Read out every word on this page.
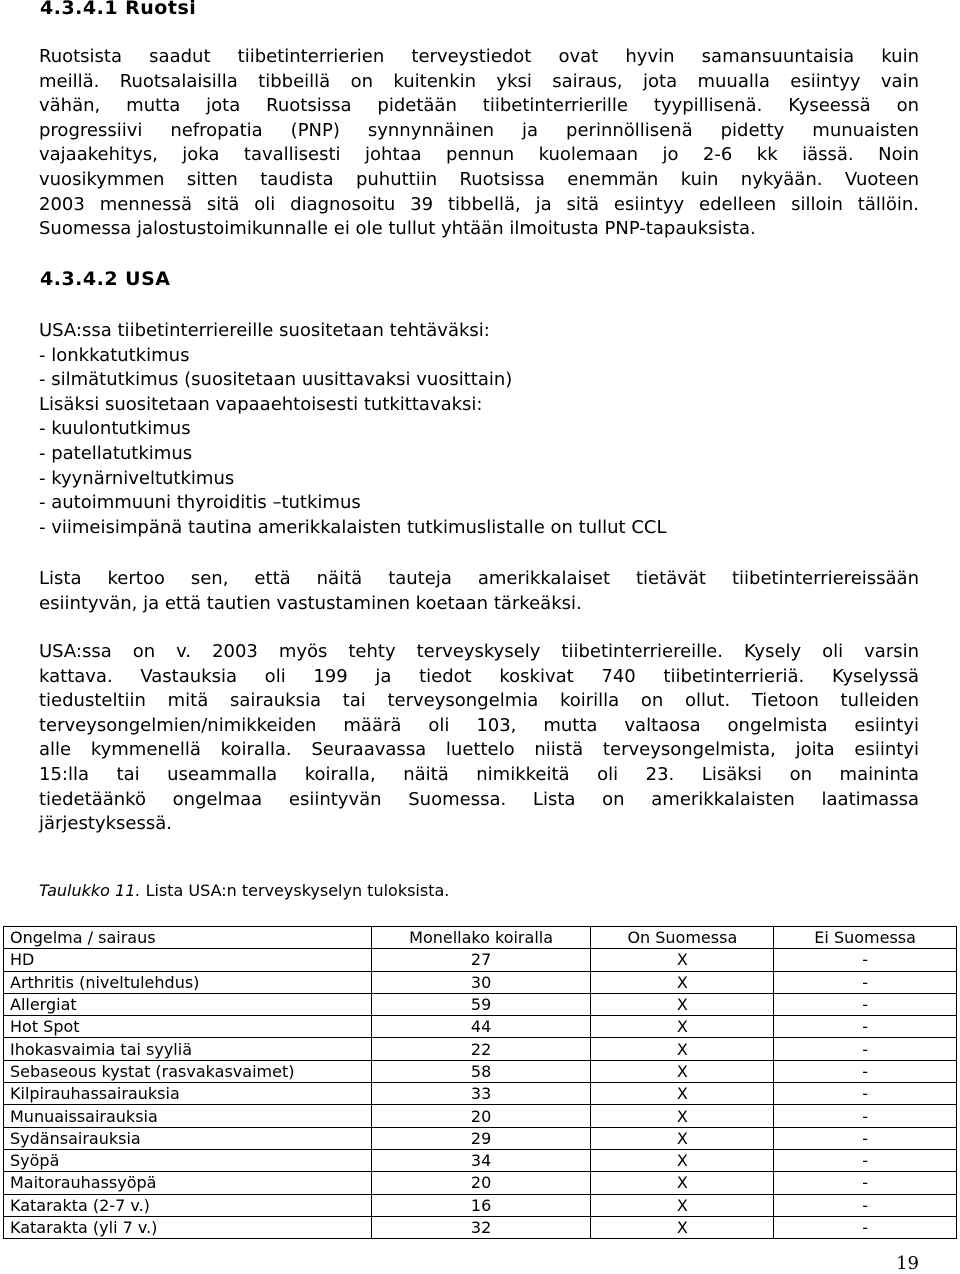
4.3.4.1 Ruotsi
Ruotsista saadut tiibetinterrierien terveystiedot ovat hyvin samansuuntaisia kuin
meillä. Ruotsalaisilla tibbeillä on kuitenkin yksi sairaus, jota muualla esiintyy vain
vähän, mutta jota Ruotsissa pidetään tiibetinterrierille tyypillisenä. Kyseessä on
progressiivi nefropatia (PNP) synnynnäinen ja perinnöllisenä pidetty munuaisten
vajaakehitys, joka tavallisesti johtaa pennun kuolemaan jo 2-6 kk iässä. Noin
vuosikymmen sitten taudista puhuttiin Ruotsissa enemmän kuin nykyään. Vuoteen
2003 mennessä sitä oli diagnosoitu 39 tibbellä, ja sitä esiintyy edelleen silloin tällöin.
Suomessa jalostustoimikunnalle ei ole tullut yhtään ilmoitusta PNP-tapauksista.
4.3.4.2 USA
USA:ssa tiibetinterriereille suositetaan tehtäväksi:
- lonkkatutkimus
- silmätutkimus (suositetaan uusittavaksi vuosittain)
Lisäksi suositetaan vapaaehtoisesti tutkittavaksi:
- kuulontutkimus
- patellatutkimus
- kyynärniveltutkimus
- autoimmuuni thyroiditis –tutkimus
- viimeisimpänä tautina amerikkalaisten tutkimuslistalle on tullut CCL
Lista kertoo sen, että näitä tauteja amerikkalaiset tietävät tiibetinterriereissään
esiintyvän, ja että tautien vastustaminen koetaan tärkeäksi.
USA:ssa on v. 2003 myös tehty terveyskysely tiibetinterriereille. Kysely oli varsin
kattava. Vastauksia oli 199 ja tiedot koskivat 740 tiibetinterrieriä. Kyselyssä
tiedusteltiin mitä sairauksia tai terveysongelmia koirilla on ollut. Tietoon tulleiden
terveysongelmien/nimikkeiden määrä oli 103, mutta valtaosa ongelmista esiintyi
alle kymmenellä koiralla. Seuraavassa luettelo niistä terveysongelmista, joita esiintyi
15:lla tai useammalla koiralla, näitä nimikkeitä oli 23. Lisäksi on maininta
tiedetäänkö ongelmaa esiintyvän Suomessa. Lista on amerikkalaisten laatimassa
järjestyksessä.

Taulukko 11. Lista USA:n terveyskyselyn tuloksista.

Ongelma / sairaus	Monellako koiralla	On Suomessa	Ei Suomessa
HD	27	X	-
Arthritis (niveltulehdus)	30	X	-
Allergiat	59	X	-
Hot Spot	44	X	-
Ihokasvaimia tai syyliä	22	X	-
Sebaseous kystat (rasvakasvaimet)	58	X	-
Kilpirauhassairauksia	33	X	-
Munuaissairauksia	20	X	-
Sydänsairauksia	29	X	-
Syöpä	34	X	-
Maitorauhassyöpä	20	X	-
Katarakta (2-7 v.)	16	X	-
Katarakta (yli 7 v.)	32	X	-
19
